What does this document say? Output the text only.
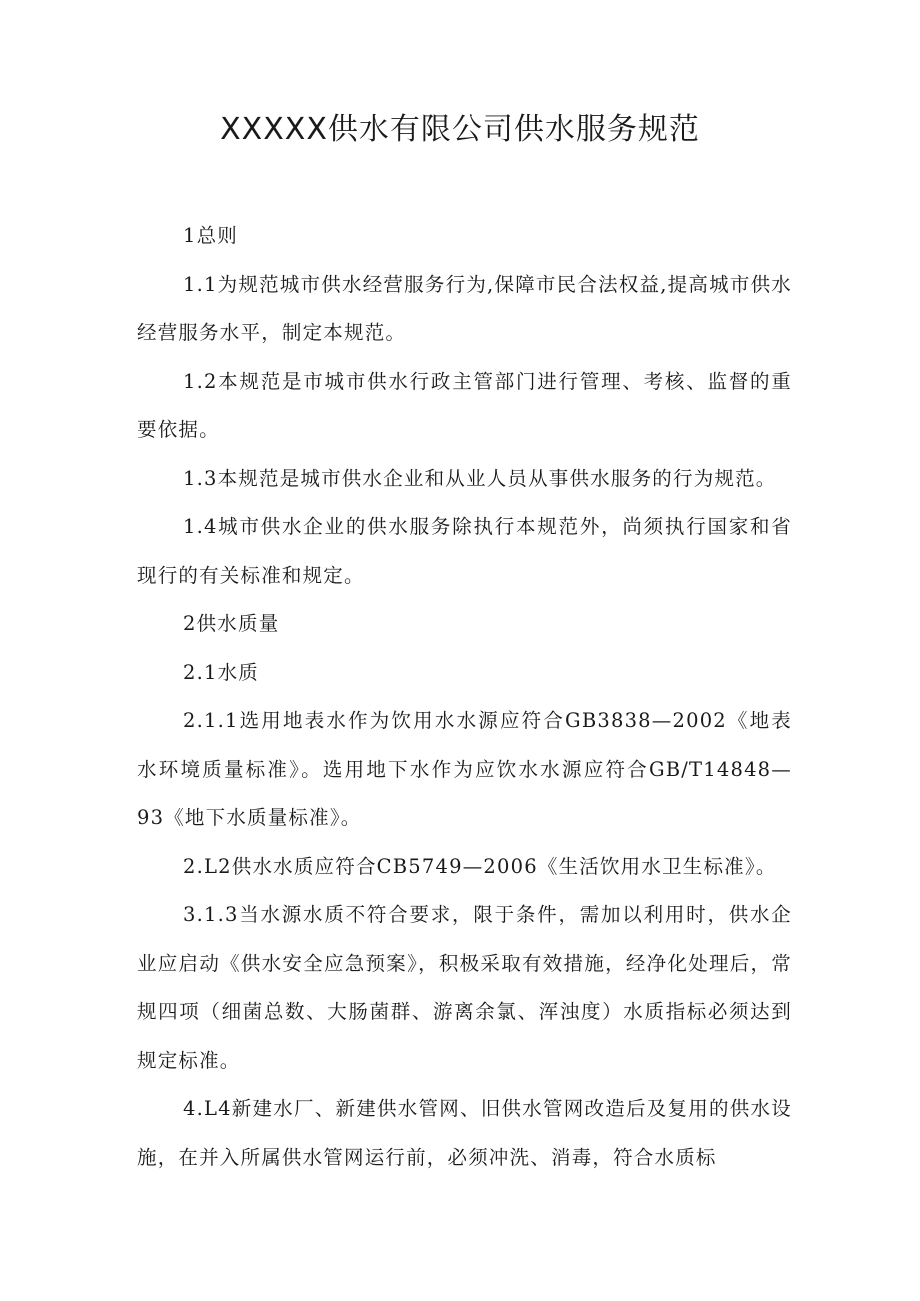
XXXXX供水有限公司供水服务规范

1总则

1.1为规范城市供水经营服务行为,保障市民合法权益,提高城市供水经营服务水平，制定本规范。

1.2本规范是市城市供水行政主管部门进行管理、考核、监督的重要依据。

1.3本规范是城市供水企业和从业人员从事供水服务的行为规范。

1.4城市供水企业的供水服务除执行本规范外，尚须执行国家和省现行的有关标准和规定。

2供水质量

2.1水质

2.1.1选用地表水作为饮用水水源应符合GB3838—2002《地表水环境质量标准》。选用地下水作为应饮水水源应符合GB/T14848—93《地下水质量标准》。

2.L2供水水质应符合CB5749—2006《生活饮用水卫生标准》。

3.1.3当水源水质不符合要求，限于条件，需加以利用时，供水企业应启动《供水安全应急预案》，积极采取有效措施，经净化处理后，常规四项（细菌总数、大肠菌群、游离余氯、浑浊度）水质指标必须达到规定标准。

4.L4新建水厂、新建供水管网、旧供水管网改造后及复用的供水设施，在并入所属供水管网运行前，必须冲洗、消毒，符合水质标
